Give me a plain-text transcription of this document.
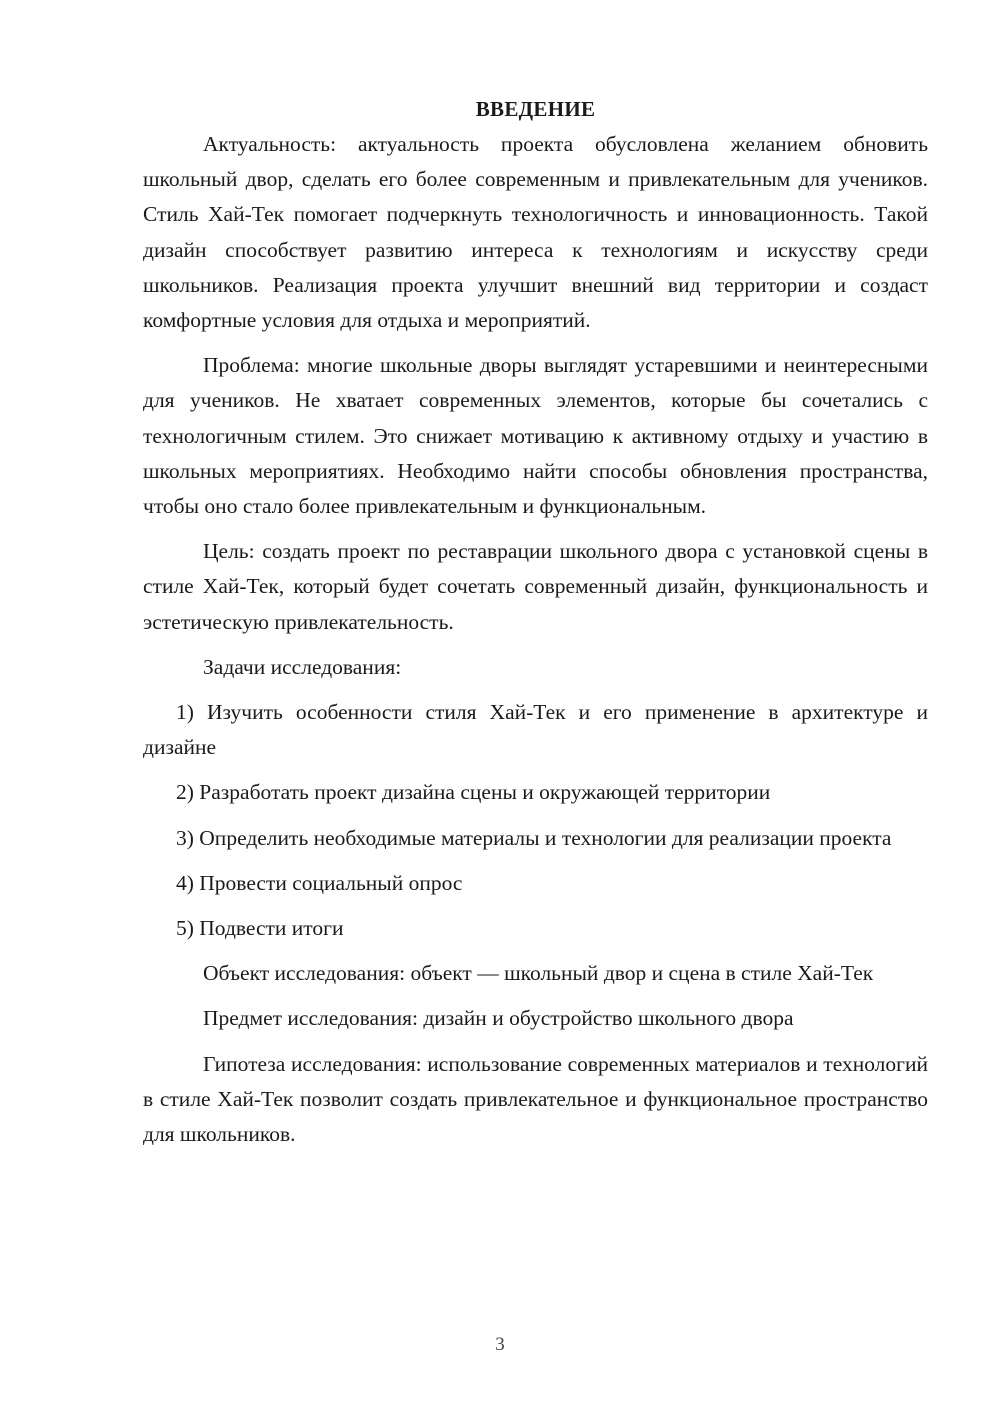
ВВЕДЕНИЕ

Актуальность: актуальность проекта обусловлена желанием обновить школьный двор, сделать его более современным и привлекательным для учеников. Стиль Хай-Тек помогает подчеркнуть технологичность и инновационность. Такой дизайн способствует развитию интереса к технологиям и искусству среди школьников. Реализация проекта улучшит внешний вид территории и создаст комфортные условия для отдыха и мероприятий.

Проблема: многие школьные дворы выглядят устаревшими и неинтересными для учеников. Не хватает современных элементов, которые бы сочетались с технологичным стилем. Это снижает мотивацию к активному отдыху и участию в школьных мероприятиях. Необходимо найти способы обновления пространства, чтобы оно стало более привлекательным и функциональным.

Цель: создать проект по реставрации школьного двора с установкой сцены в стиле Хай-Тек, который будет сочетать современный дизайн, функциональность и эстетическую привлекательность.

Задачи исследования:

1) Изучить особенности стиля Хай-Тек и его применение в архитектуре и дизайне

2) Разработать проект дизайна сцены и окружающей территории

3) Определить необходимые материалы и технологии для реализации проекта

4) Провести социальный опрос

5) Подвести итоги

Объект исследования: объект — школьный двор и сцена в стиле Хай-Тек

Предмет исследования: дизайн и обустройство школьного двора

Гипотеза исследования: использование современных материалов и технологий в стиле Хай-Тек позволит создать привлекательное и функциональное пространство для школьников.

3
